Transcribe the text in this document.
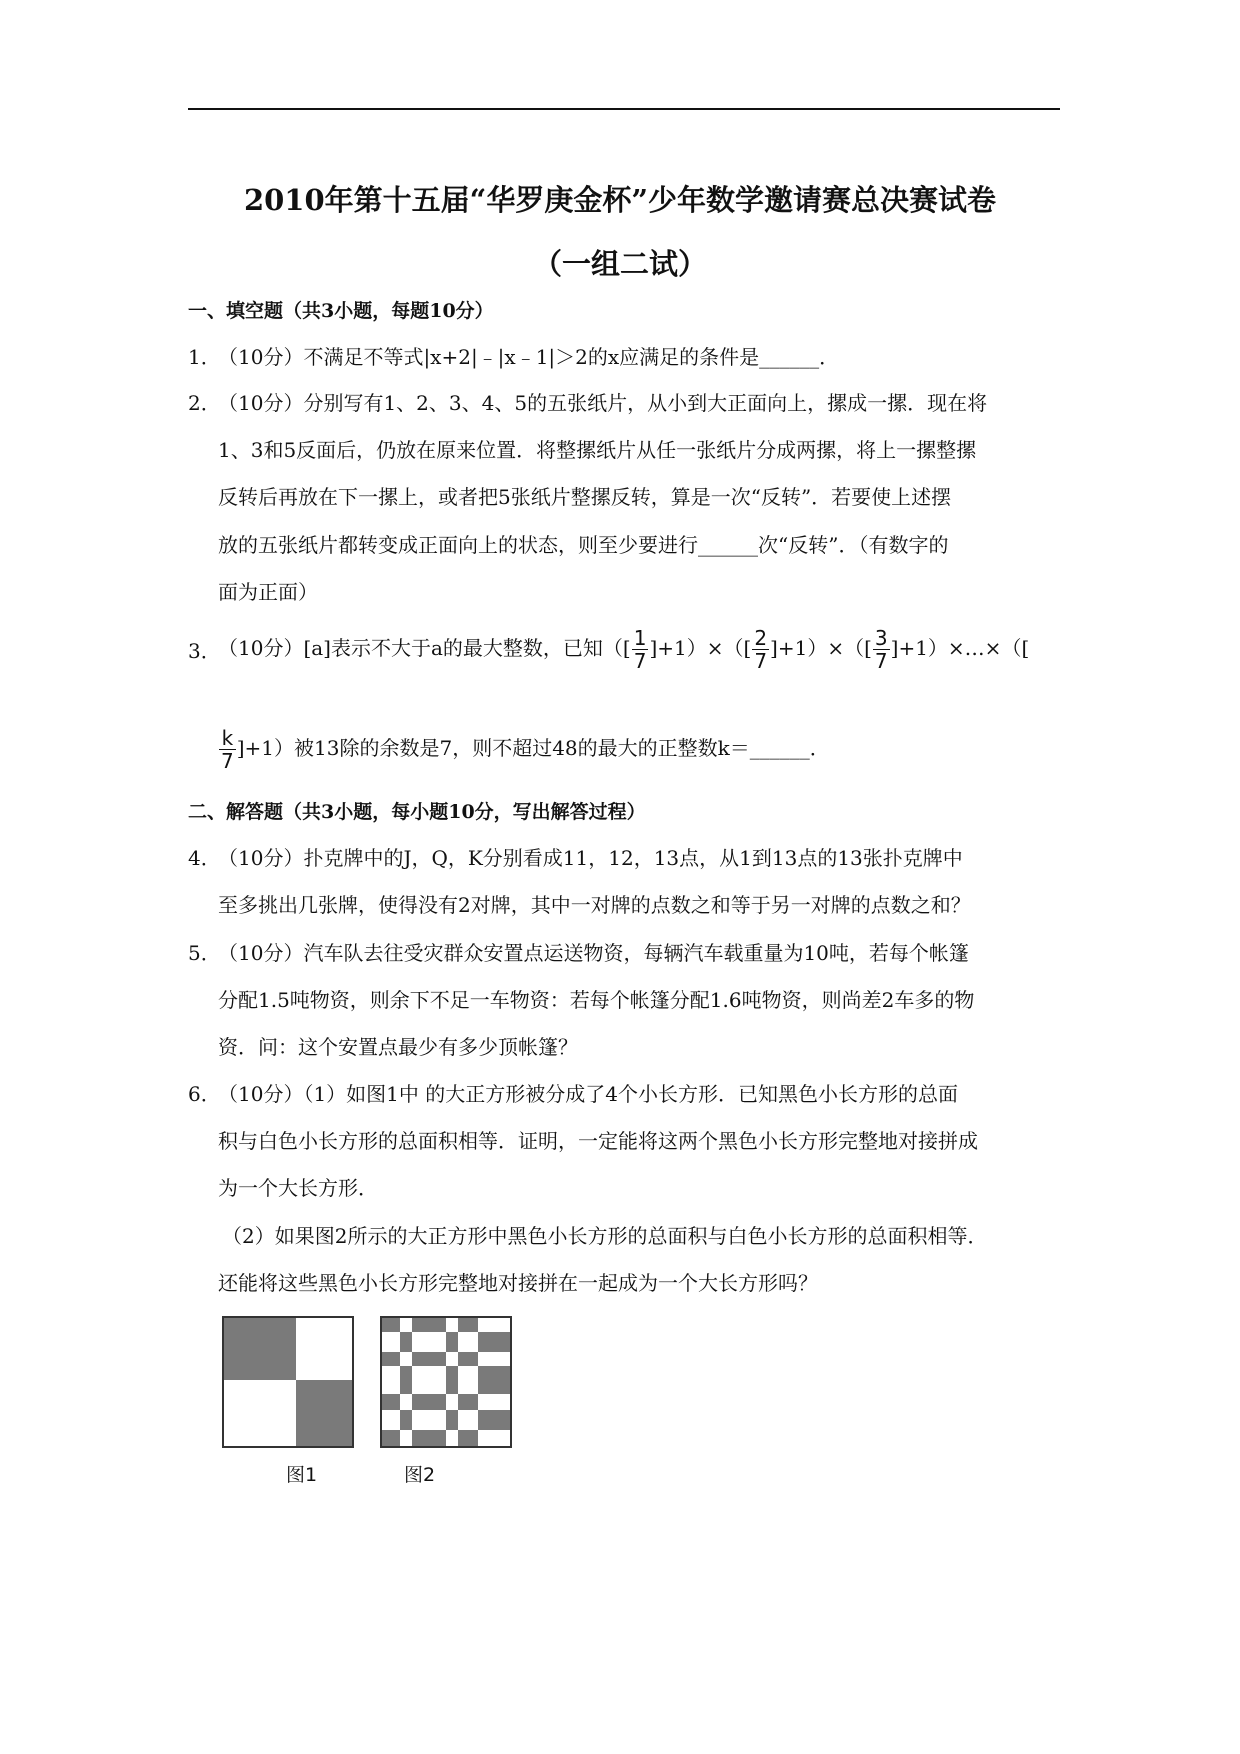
2010年第十五届“华罗庚金杯”少年数学邀请赛总决赛试卷
（一组二试）
一、填空题（共3小题，每题10分）
1．
（10分）不满足不等式|x+2|﹣|x﹣1|＞2的x应满足的条件是______．
2．
（10分）分别写有1、2、3、4、5的五张纸片，从小到大正面向上，摞成一摞．现在将
1、3和5反面后，仍放在原来位置．将整摞纸片从任一张纸片分成两摞，将上一摞整摞
反转后再放在下一摞上，或者把5张纸片整摞反转，算是一次“反转”．若要使上述摆
放的五张纸片都转变成正面向上的状态，则至少要进行______次“反转”．（有数字的
面为正面）
3．
（10分）[a]表示不大于a的最大整数，已知（[ $\frac{1}{7} ]+1)\times([ \frac{2}{7} ]+1)\times([ \frac{3}{7}$ ]+1）×…×（[
$\frac{k}{7} ]+1$）被13除的余数是7，则不超过48的最大的正整数k＝______．
二、解答题（共3小题，每小题10分，写出解答过程）
4．
（10分）扑克牌中的J，Q，K分别看成11，12，13点，从1到13点的13张扑克牌中
至多挑出几张牌，使得没有2对牌，其中一对牌的点数之和等于另一对牌的点数之和？
5．
（10分）汽车队去往受灾群众安置点运送物资，每辆汽车载重量为10吨，若每个帐篷
分配1.5吨物资，则余下不足一车物资：若每个帐篷分配1.6吨物资，则尚差2车多的物
资．问：这个安置点最少有多少顶帐篷？
6．
（10分）（1）如图1中 的大正方形被分成了4个小长方形．已知黑色小长方形的总面
积与白色小长方形的总面积相等．证明，一定能将这两个黑色小长方形完整地对接拼成
为一个大长方形．
（2）如果图2所示的大正方形中黑色小长方形的总面积与白色小长方形的总面积相等．
还能将这些黑色小长方形完整地对接拼在一起成为一个大长方形吗？
图1	图2
